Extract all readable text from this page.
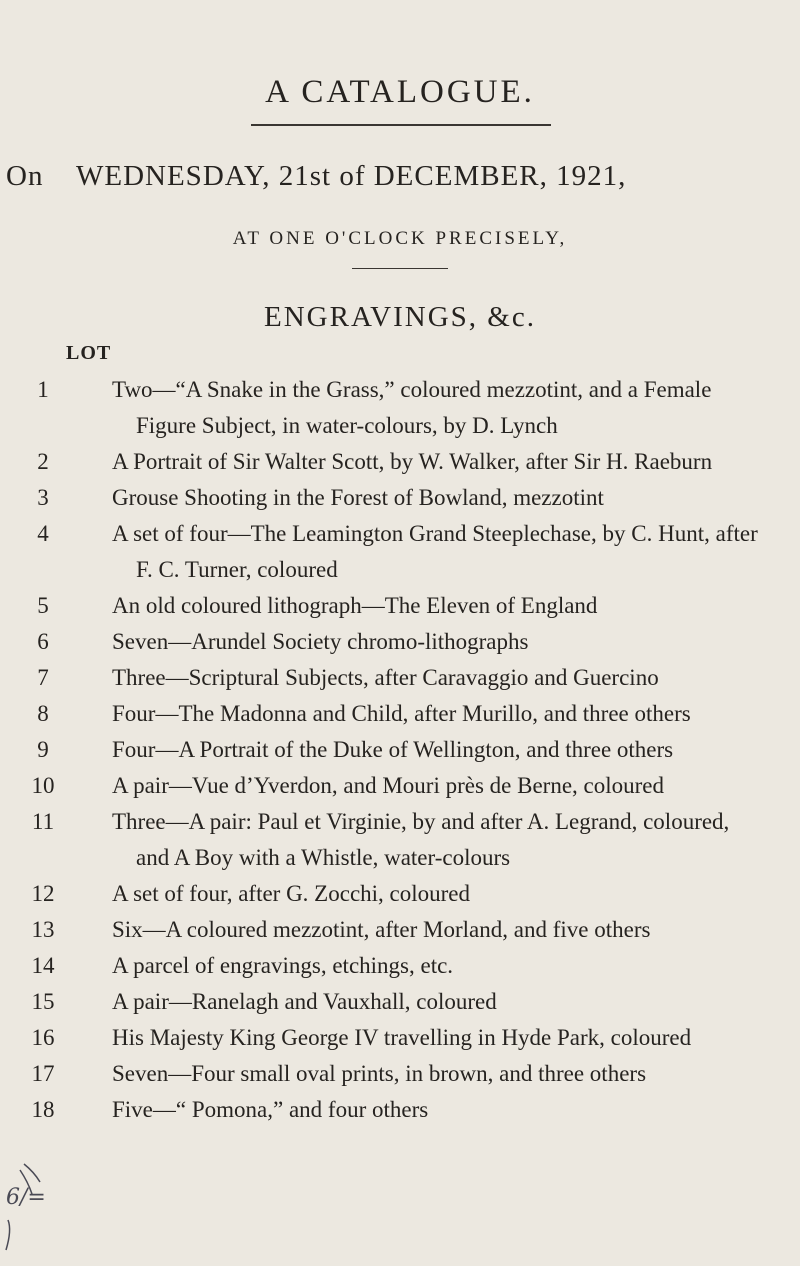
A CATALOGUE.
On WEDNESDAY, 21st of DECEMBER, 1921,
AT ONE O'CLOCK PRECISELY,
ENGRAVINGS, &c.
LOT
1	Two—“A Snake in the Grass,” coloured mezzotint, and a Female
Figure Subject, in water-colours, by D. Lynch
2	A Portrait of Sir Walter Scott, by W. Walker, after Sir H. Raeburn
3	Grouse Shooting in the Forest of Bowland, mezzotint
4	A set of four—The Leamington Grand Steeplechase, by C. Hunt, after
F. C. Turner, coloured
5	An old coloured lithograph—The Eleven of England
6	Seven—Arundel Society chromo-lithographs
7	Three—Scriptural Subjects, after Caravaggio and Guercino
8	Four—The Madonna and Child, after Murillo, and three others
9	Four—A Portrait of the Duke of Wellington, and three others
10	A pair—Vue d’Yverdon, and Mouri près de Berne, coloured
11	Three—A pair: Paul et Virginie, by and after A. Legrand, coloured,
and A Boy with a Whistle, water-colours
12	A set of four, after G. Zocchi, coloured
13	Six—A coloured mezzotint, after Morland, and five others
14	A parcel of engravings, etchings, etc.
15	A pair—Ranelagh and Vauxhall, coloured
16	His Majesty King George IV travelling in Hyde Park, coloured
17	Seven—Four small oval prints, in brown, and three others
18	Five—“ Pomona,” and four others
6/=
